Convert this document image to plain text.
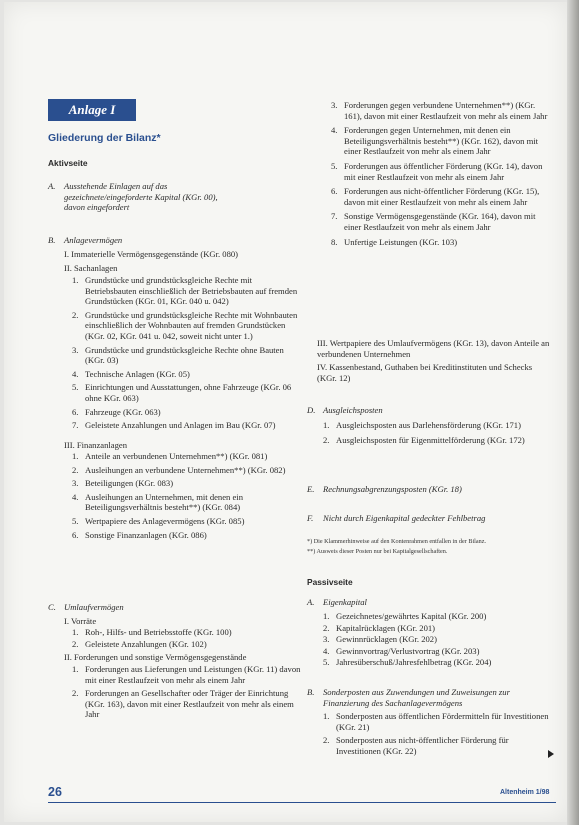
Anlage I
Gliederung der Bilanz*
Aktivseite
A. Ausstehende Einlagen auf das gezeichnete/eingeforderte Kapital (KGr. 00), davon eingefordert
B. Anlagevermögen
I. Immaterielle Vermögensgegenstände (KGr. 080)
II. Sachanlagen
1. Grundstücke und grundstücksgleiche Rechte mit Betriebsbauten einschließlich der Betriebsbauten auf fremden Grundstücken (KGr. 01, KGr. 040 u. 042)
2. Grundstücke und grundstücksgleiche Rechte mit Wohnbauten einschließlich der Wohnbauten auf fremden Grundstücken (KGr. 02, KGr. 041 u. 042, soweit nicht unter 1.)
3. Grundstücke und grundstücksgleiche Rechte ohne Bauten (KGr. 03)
4. Technische Anlagen (KGr. 05)
5. Einrichtungen und Ausstattungen, ohne Fahrzeuge (KGr. 06 ohne KGr. 063)
6. Fahrzeuge (KGr. 063)
7. Geleistete Anzahlungen und Anlagen im Bau (KGr. 07)
III. Finanzanlagen
1. Anteile an verbundenen Unternehmen**) (KGr. 081)
2. Ausleihungen an verbundene Unternehmen**) (KGr. 082)
3. Beteiligungen (KGr. 083)
4. Ausleihungen an Unternehmen, mit denen ein Beteiligungsverhältnis besteht**) (KGr. 084)
5. Wertpapiere des Anlagevermögens (KGr. 085)
6. Sonstige Finanzanlagen (KGr. 086)
C. Umlaufvermögen
I. Vorräte
1. Roh-, Hilfs- und Betriebsstoffe (KGr. 100)
2. Geleistete Anzahlungen (KGr. 102)
II. Forderungen und sonstige Vermögensgegenstände
1. Forderungen aus Lieferungen und Leistungen (KGr. 11) davon mit einer Restlaufzeit von mehr als einem Jahr
2. Forderungen an Gesellschafter oder Träger der Einrichtung (KGr. 163), davon mit einer Restlaufzeit von mehr als einem Jahr
3. Forderungen gegen verbundene Unternehmen**) (KGr. 161), davon mit einer Restlaufzeit von mehr als einem Jahr
4. Forderungen gegen Unternehmen, mit denen ein Beteiligungsverhältnis besteht**) (KGr. 162), davon mit einer Restlaufzeit von mehr als einem Jahr
5. Forderungen aus öffentlicher Förderung (KGr. 14), davon mit einer Restlaufzeit von mehr als einem Jahr
6. Forderungen aus nicht-öffentlicher Förderung (KGr. 15), davon mit einer Restlaufzeit von mehr als einem Jahr
7. Sonstige Vermögensgegenstände (KGr. 164), davon mit einer Restlaufzeit von mehr als einem Jahr
8. Unfertige Leistungen (KGr. 103)
III. Wertpapiere des Umlaufvermögens (KGr. 13), davon Anteile an verbundenen Unternehmen
IV. Kassenbestand, Guthaben bei Kreditinstituten und Schecks (KGr. 12)
D. Ausgleichsposten
1. Ausgleichsposten aus Darlehensförderung (KGr. 171)
2. Ausgleichsposten für Eigenmittelförderung (KGr. 172)
E. Rechnungsabgrenzungsposten (KGr. 18)
F. Nicht durch Eigenkapital gedeckter Fehlbetrag
*) Die Klammerhinweise auf den Kontenrahmen entfallen in der Bilanz.
**) Ausweis dieser Posten nur bei Kapitalgesellschaften.
Passivseite
A. Eigenkapital
1. Gezeichnetes/gewährtes Kapital (KGr. 200)
2. Kapitalrücklagen (KGr. 201)
3. Gewinnrücklagen (KGr. 202)
4. Gewinnvortrag/Verlustvortrag (KGr. 203)
5. Jahresüberschuß/Jahresfehlbetrag (KGr. 204)
B. Sonderposten aus Zuwendungen und Zuweisungen zur Finanzierung des Sachanlagevermögens
1. Sonderposten aus öffentlichen Fördermitteln für Investitionen (KGr. 21)
2. Sonderposten aus nicht-öffentlicher Förderung für Investitionen (KGr. 22)
26	Altenheim 1/98
